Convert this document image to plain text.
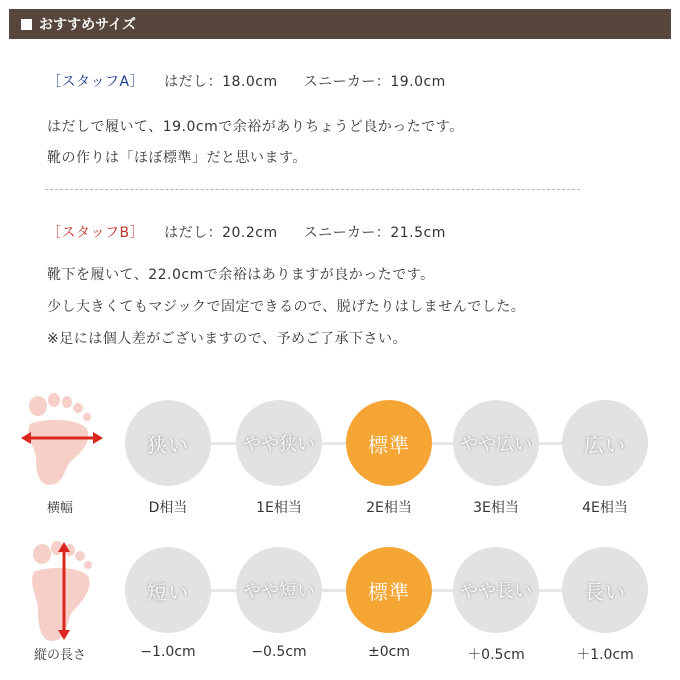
おすすめサイズ
［スタッフA］ はだし：18.0cm スニーカー：19.0cm
はだしで履いて、19.0cmで余裕がありちょうど良かったです。
靴の作りは「ほぼ標準」だと思います。
［スタッフB］ はだし：20.2cm スニーカー：21.5cm
靴下を履いて、22.0cmで余裕はありますが良かったです。
少し大きくてもマジックで固定できるので、脱げたりはしませんでした。
※足には個人差がございますので、予めご了承下さい。
横幅
狭い	やや狭い	標準	やや広い	広い
D相当	1E相当	2E相当	3E相当	4E相当
縦の長さ
短い	やや短い	標準	やや長い	長い
−1.0cm	−0.5cm	±0cm	＋0.5cm	＋1.0cm
